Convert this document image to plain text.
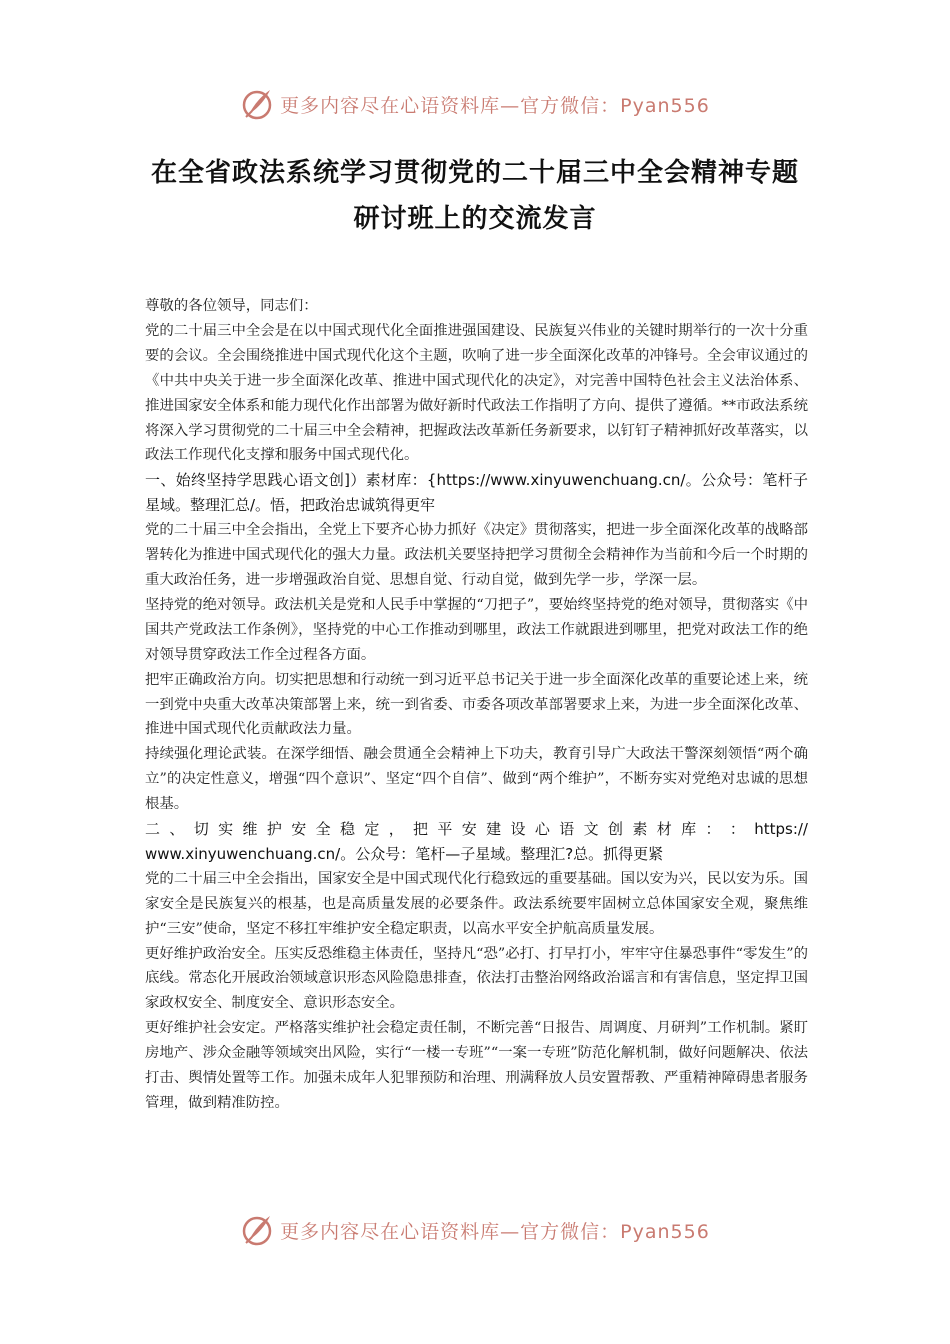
更多内容尽在心语资料库—官方微信：Pyan556
在全省政法系统学习贯彻党的二十届三中全会精神专题研讨班上的交流发言

尊敬的各位领导，同志们：

党的二十届三中全会是在以中国式现代化全面推进强国建设、民族复兴伟业的关键时期举行的一次十分重要的会议。全会围绕推进中国式现代化这个主题，吹响了进一步全面深化改革的冲锋号。全会审议通过的《中共中央关于进一步全面深化改革、推进中国式现代化的决定》，对完善中国特色社会主义法治体系、推进国家安全体系和能力现代化作出部署为做好新时代政法工作指明了方向、提供了遵循。**市政法系统将深入学习贯彻党的二十届三中全会精神，把握政法改革新任务新要求，以钉钉子精神抓好改革落实，以政法工作现代化支撑和服务中国式现代化。

一、始终坚持学思践心语文创]）素材库：{https://www.xinyuwenchuang.cn/。公众号：笔杆子星域。整理汇总/。悟，把政治忠诚筑得更牢

党的二十届三中全会指出，全党上下要齐心协力抓好《决定》贯彻落实，把进一步全面深化改革的战略部署转化为推进中国式现代化的强大力量。政法机关要坚持把学习贯彻全会精神作为当前和今后一个时期的重大政治任务，进一步增强政治自觉、思想自觉、行动自觉，做到先学一步，学深一层。

坚持党的绝对领导。政法机关是党和人民手中掌握的“刀把子”，要始终坚持党的绝对领导，贯彻落实《中国共产党政法工作条例》，坚持党的中心工作推动到哪里，政法工作就跟进到哪里，把党对政法工作的绝对领导贯穿政法工作全过程各方面。

把牢正确政治方向。切实把思想和行动统一到习近平总书记关于进一步全面深化改革的重要论述上来，统一到党中央重大改革决策部署上来，统一到省委、市委各项改革部署要求上来，为进一步全面深化改革、推进中国式现代化贡献政法力量。

持续强化理论武装。在深学细悟、融会贯通全会精神上下功夫，教育引导广大政法干警深刻领悟“两个确立”的决定性意义，增强“四个意识”、坚定“四个自信”、做到“两个维护”，不断夯实对党绝对忠诚的思想根基。

二 、 切 实 维 护 安 全 稳 定 ， 把 平 安 建 设 心 语 文 创 素 材 库 ： ： https://

www.xinyuwenchuang.cn/。公众号：笔杆—子星域。整理汇?总。抓得更紧

党的二十届三中全会指出，国家安全是中国式现代化行稳致远的重要基础。国以安为兴，民以安为乐。国家安全是民族复兴的根基，也是高质量发展的必要条件。政法系统要牢固树立总体国家安全观，聚焦维护“三安”使命，坚定不移扛牢维护安全稳定职责，以高水平安全护航高质量发展。

更好维护政治安全。压实反恐维稳主体责任，坚持凡“恐”必打、打早打小，牢牢守住暴恐事件“零发生”的底线。常态化开展政治领域意识形态风险隐患排查，依法打击整治网络政治谣言和有害信息，坚定捍卫国家政权安全、制度安全、意识形态安全。

更好维护社会安定。严格落实维护社会稳定责任制，不断完善“日报告、周调度、月研判”工作机制。紧盯房地产、涉众金融等领域突出风险，实行“一楼一专班”“一案一专班”防范化解机制，做好问题解决、依法打击、舆情处置等工作。加强未成年人犯罪预防和治理、刑满释放人员安置帮教、严重精神障碍患者服务管理，做到精准防控。

更多内容尽在心语资料库—官方微信：Pyan556
